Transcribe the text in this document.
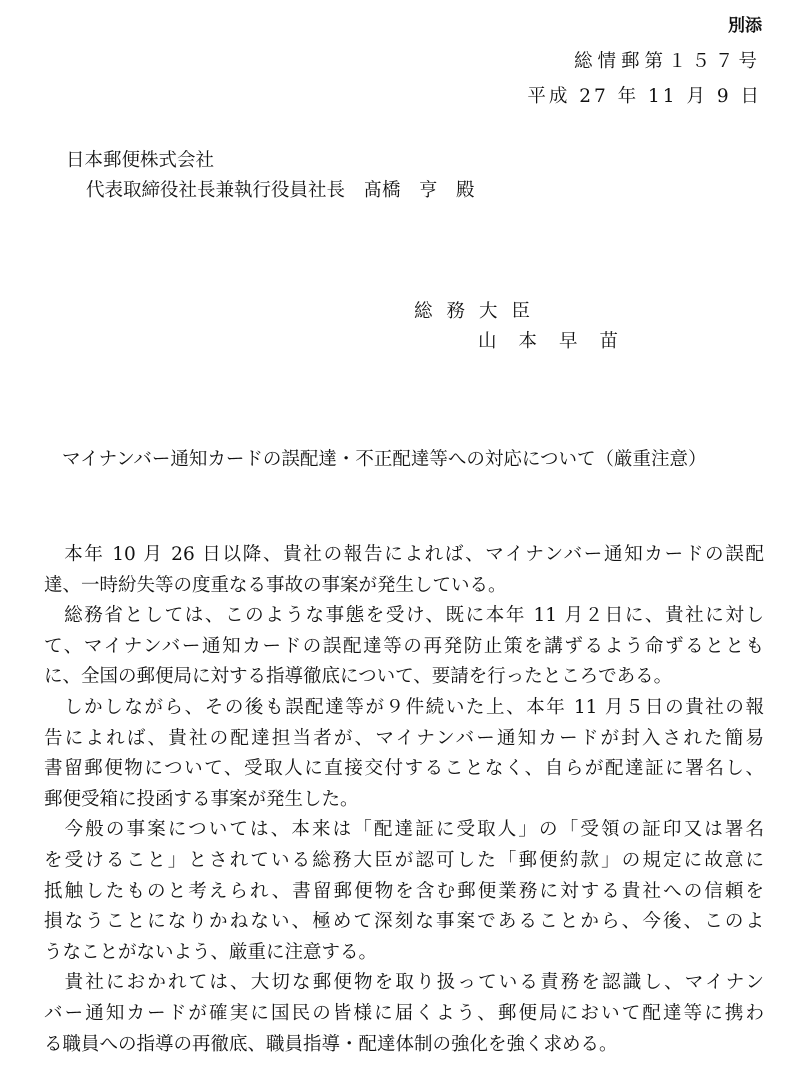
別添
総情郵第１５７号
平成 27 年 11 月 9 日
日本郵便株式会社
代表取締役社長兼執行役員社長　髙橋　亨　殿
総務大臣
山本早苗
マイナンバー通知カードの誤配達・不正配達等への対応について（厳重注意）
　本年 10 月 26 日以降、貴社の報告によれば、マイナンバー通知カードの誤配
達、一時紛失等の度重なる事故の事案が発生している。
　総務省としては、このような事態を受け、既に本年 11 月２日に、貴社に対し
て、マイナンバー通知カードの誤配達等の再発防止策を講ずるよう命ずるととも
に、全国の郵便局に対する指導徹底について、要請を行ったところである。
　しかしながら、その後も誤配達等が９件続いた上、本年 11 月５日の貴社の報
告によれば、貴社の配達担当者が、マイナンバー通知カードが封入された簡易
書留郵便物について、受取人に直接交付することなく、自らが配達証に署名し、
郵便受箱に投函する事案が発生した。
　今般の事案については、本来は「配達証に受取人」の「受領の証印又は署名
を受けること」とされている総務大臣が認可した「郵便約款」の規定に故意に
抵触したものと考えられ、書留郵便物を含む郵便業務に対する貴社への信頼を
損なうことになりかねない、極めて深刻な事案であることから、今後、このよ
うなことがないよう、厳重に注意する。
　貴社におかれては、大切な郵便物を取り扱っている責務を認識し、マイナン
バー通知カードが確実に国民の皆様に届くよう、郵便局において配達等に携わ
る職員への指導の再徹底、職員指導・配達体制の強化を強く求める。
